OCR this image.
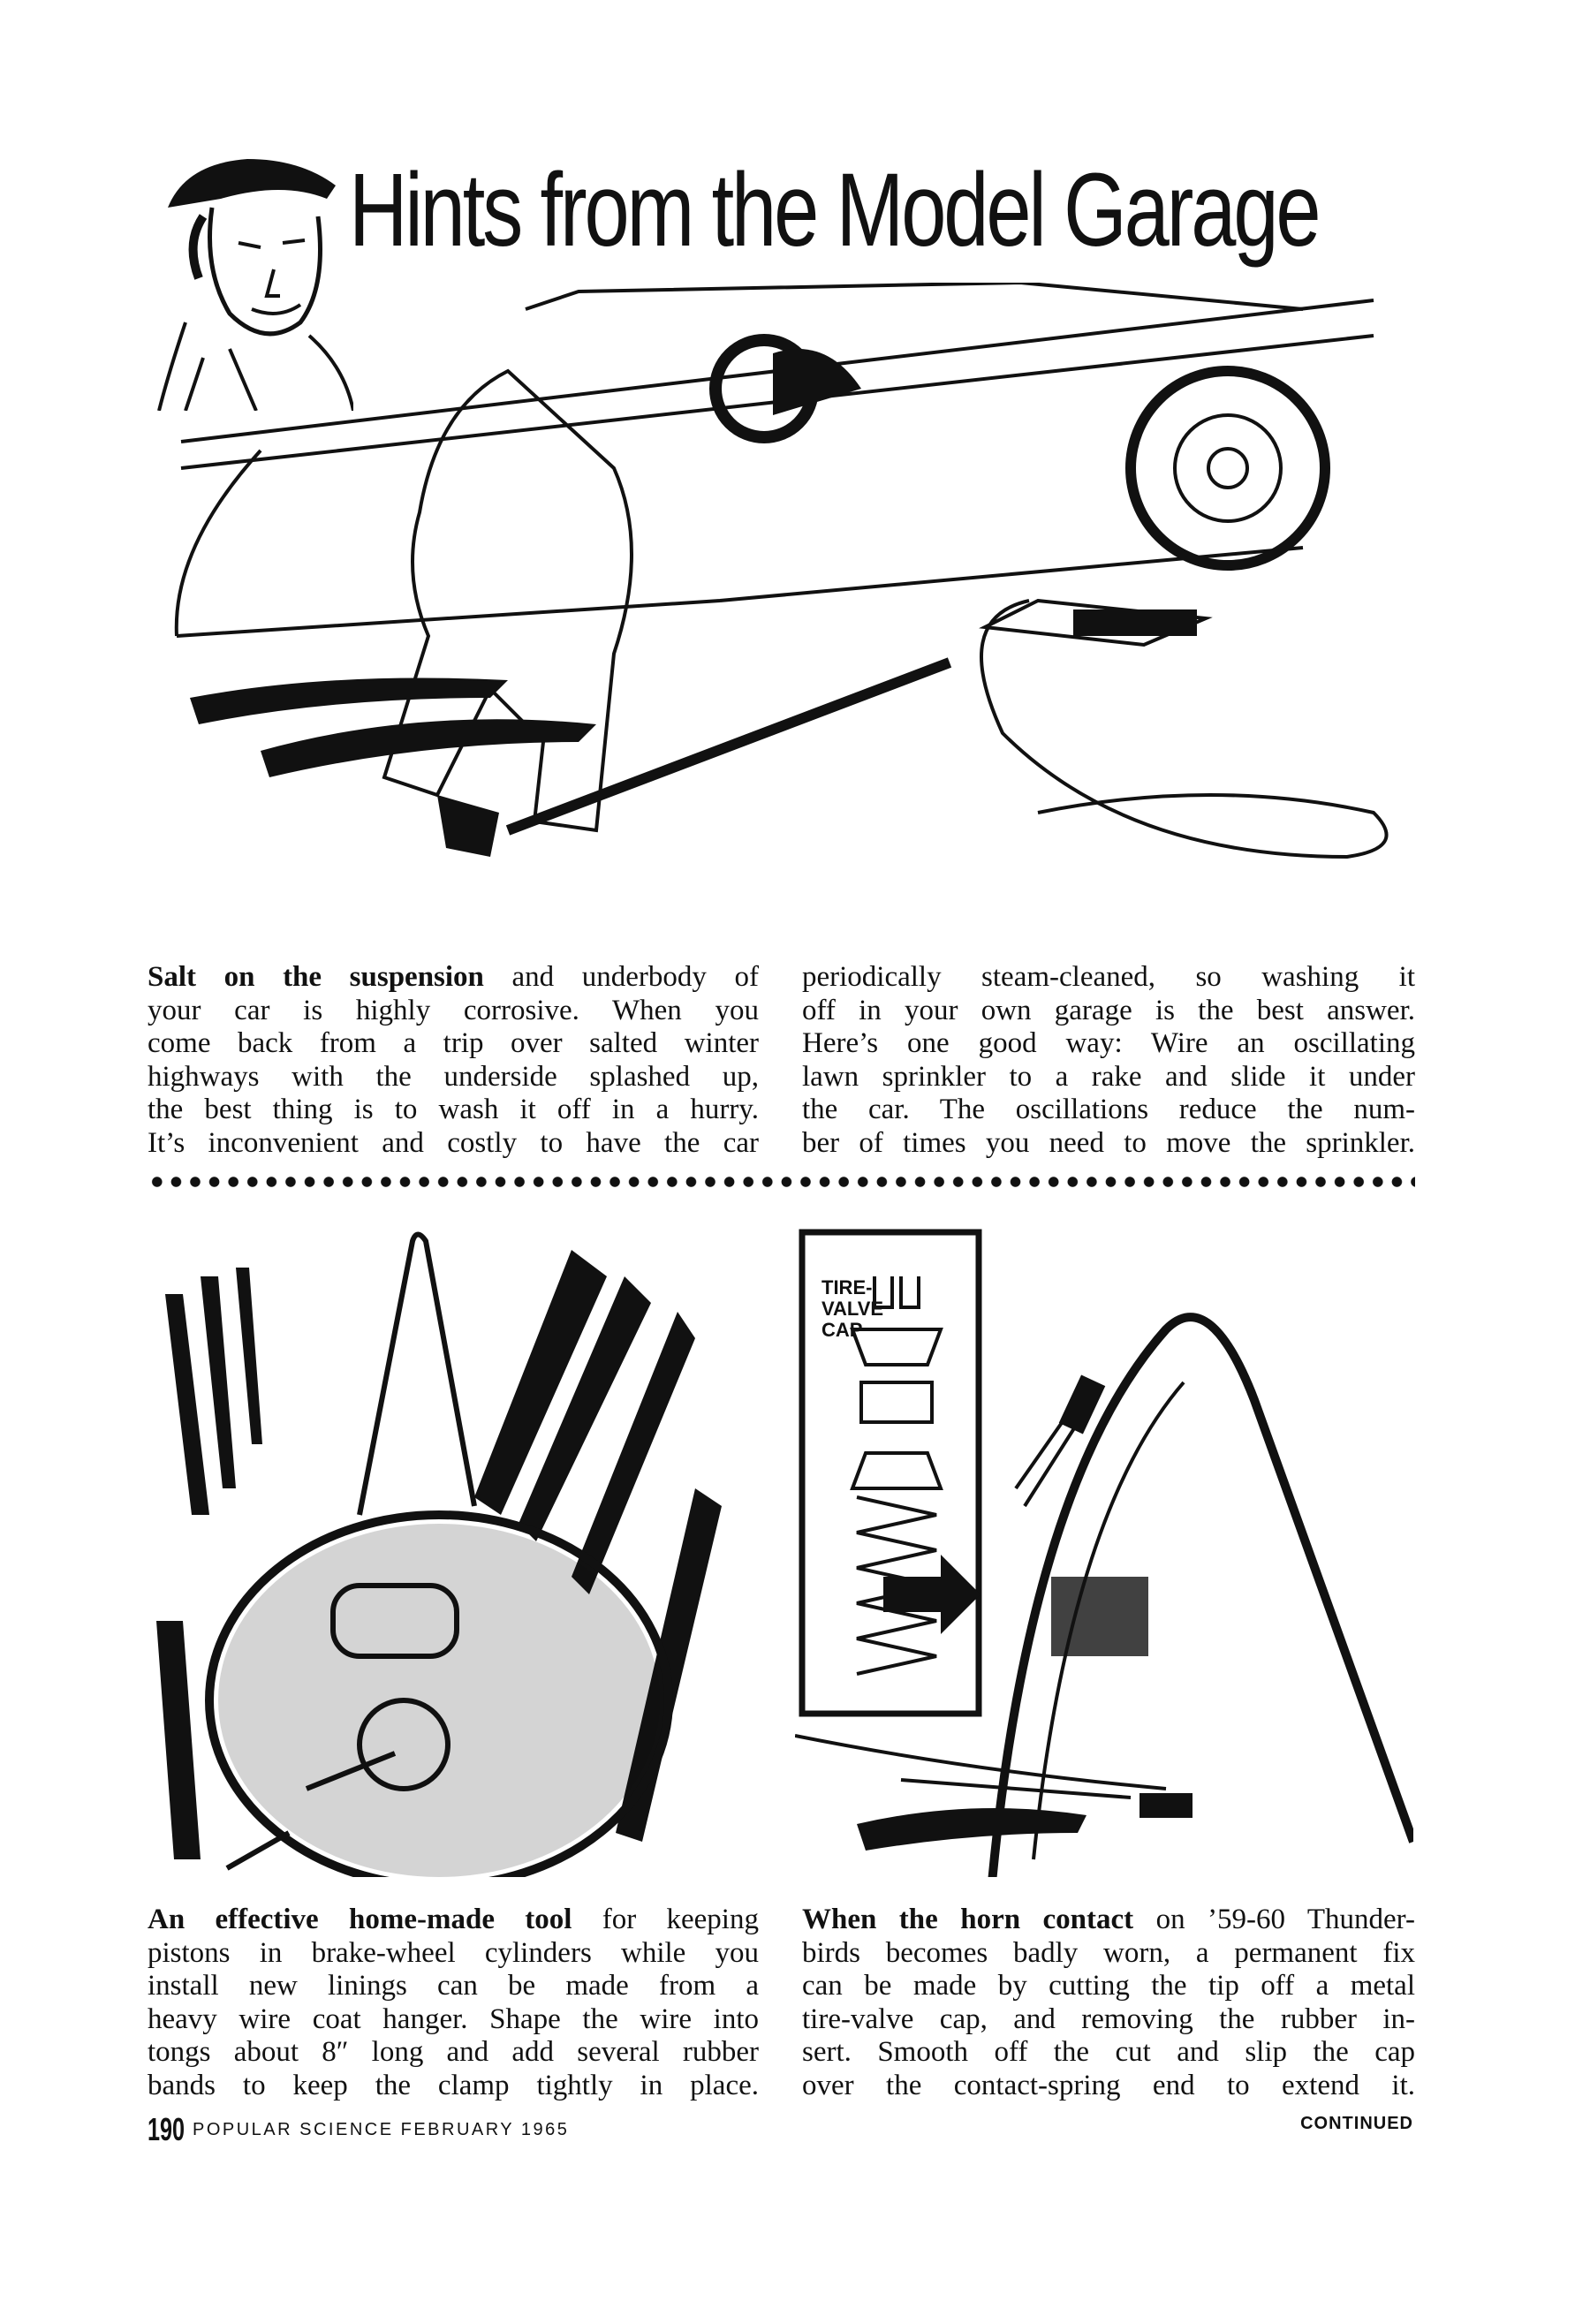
Hints from the Model Garage
Salt on the suspension and underbody of
your car is highly corrosive. When you
come back from a trip over salted winter
highways with the underside splashed up,
the best thing is to wash it off in a hurry.
It’s inconvenient and costly to have the car
periodically steam-cleaned, so washing it
off in your own garage is the best answer.
Here’s one good way: Wire an oscillating
lawn sprinkler to a rake and slide it under
the car. The oscillations reduce the num-
ber of times you need to move the sprinkler.
TIRE- VALVE CAP
An effective home-made tool for keeping
pistons in brake-wheel cylinders while you
install new linings can be made from a
heavy wire coat hanger. Shape the wire into
tongs about 8″ long and add several rubber
bands to keep the clamp tightly in place.
When the horn contact on ’59-60 Thunder-
birds becomes badly worn, a permanent fix
can be made by cutting the tip off a metal
tire-valve cap, and removing the rubber in-
sert. Smooth off the cut and slip the cap
over the contact-spring end to extend it.
190 POPULAR SCIENCE FEBRUARY 1965	CONTINUED
